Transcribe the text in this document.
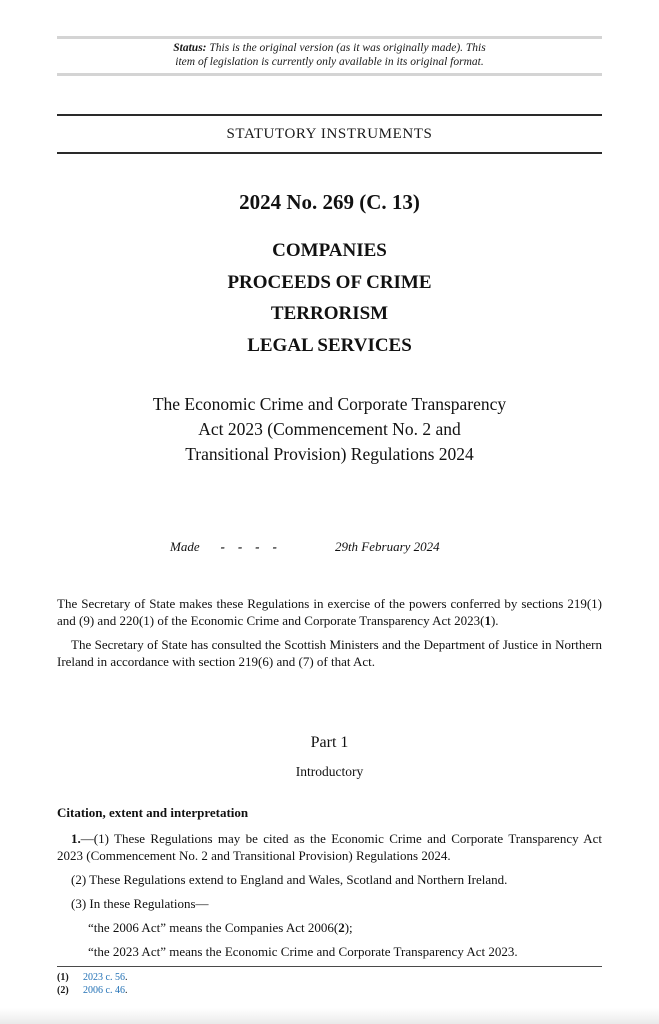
Status: This is the original version (as it was originally made). This
item of legislation is currently only available in its original format.
STATUTORY INSTRUMENTS
2024 No. 269 (C. 13)
COMPANIES
PROCEEDS OF CRIME
TERRORISM
LEGAL SERVICES
The Economic Crime and Corporate Transparency
Act 2023 (Commencement No. 2 and
Transitional Provision) Regulations 2024
Made -    -    -    -	29th February 2024

The Secretary of State makes these Regulations in exercise of the powers conferred by sections 219(1) and (9) and 220(1) of the Economic Crime and Corporate Transparency Act 2023(1).

The Secretary of State has consulted the Scottish Ministers and the Department of Justice in Northern Ireland in accordance with section 219(6) and (7) of that Act.

Part 1
Introductory
Citation, extent and interpretation

1.—(1) These Regulations may be cited as the Economic Crime and Corporate Transparency Act 2023 (Commencement No. 2 and Transitional Provision) Regulations 2024.

(2) These Regulations extend to England and Wales, Scotland and Northern Ireland.

(3) In these Regulations—

“the 2006 Act” means the Companies Act 2006(2);

“the 2023 Act” means the Economic Crime and Corporate Transparency Act 2023.

(1) 2023 c. 56.
(2) 2006 c. 46.
